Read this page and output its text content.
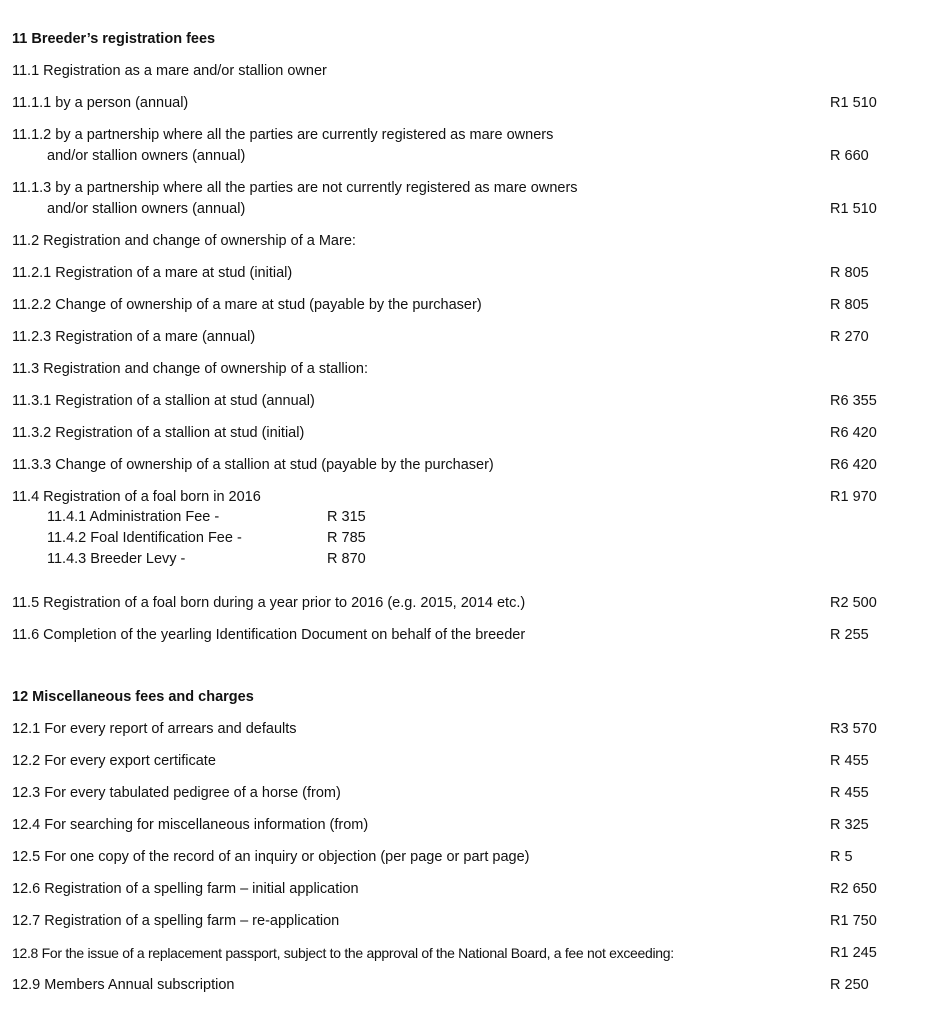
11 Breeder’s registration fees
11.1 Registration as a mare and/or stallion owner
11.1.1 by a person (annual)	R1 510
11.1.2 by a partnership where all the parties are currently registered as mare owners
and/or stallion owners (annual)	R 660
11.1.3 by a partnership where all the parties are not currently registered as mare owners
and/or stallion owners (annual)	R1 510
11.2 Registration and change of ownership of a Mare:
11.2.1 Registration of a mare at stud (initial)	R 805
11.2.2 Change of ownership of a mare at stud (payable by the purchaser)	R 805
11.2.3 Registration of a mare (annual)	R 270
11.3 Registration and change of ownership of a stallion:
11.3.1 Registration of a stallion at stud (annual)	R6 355
11.3.2 Registration of a stallion at stud (initial)	R6 420
11.3.3 Change of ownership of a stallion at stud (payable by the purchaser)	R6 420
11.4 Registration of a foal born in 2016	R1 970
11.4.1 Administration Fee -	R 315
11.4.2 Foal Identification Fee -	R 785
11.4.3 Breeder Levy -	R 870
11.5 Registration of a foal born during a year prior to 2016 (e.g. 2015, 2014 etc.)	R2 500
11.6 Completion of the yearling Identification Document on behalf of the breeder	R 255
12 Miscellaneous fees and charges
12.1 For every report of arrears and defaults	R3 570
12.2 For every export certificate	R 455
12.3 For every tabulated pedigree of a horse (from)	R 455
12.4 For searching for miscellaneous information (from)	R 325
12.5 For one copy of the record of an inquiry or objection (per page or part page)	R 5
12.6 Registration of a spelling farm – initial application	R2 650
12.7 Registration of a spelling farm – re-application	R1 750
12.8 For the issue of a replacement passport, subject to the approval of the National Board, a fee not exceeding:	R1 245
12.9 Members Annual subscription	R 250
